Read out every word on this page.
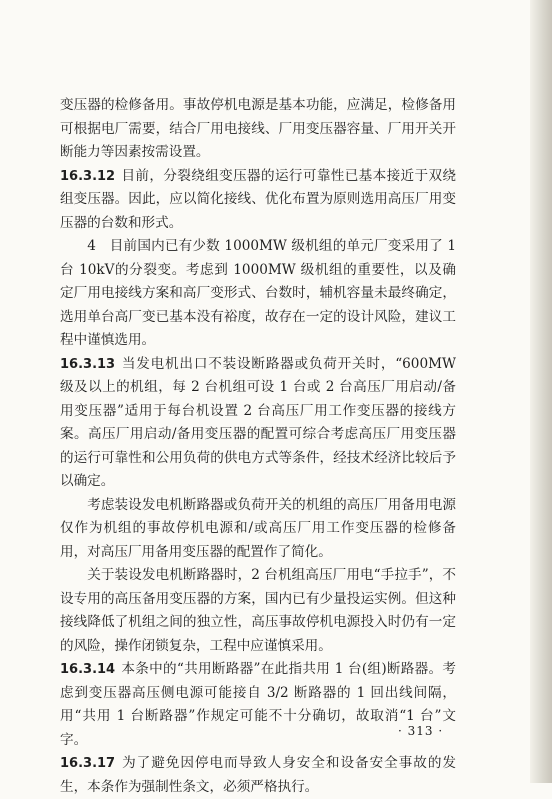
变压器的检修备用。事故停机电源是基本功能，应满足，检修备用可根据电厂需要，结合厂用电接线、厂用变压器容量、厂用开关开断能力等因素按需设置。

16.3.12 目前，分裂绕组变压器的运行可靠性已基本接近于双绕组变压器。因此，应以简化接线、优化布置为原则选用高压厂用变压器的台数和形式。

4　目前国内已有少数 1000MW 级机组的单元厂变采用了 1 台 10kV的分裂变。考虑到 1000MW 级机组的重要性，以及确定厂用电接线方案和高厂变形式、台数时，辅机容量未最终确定，选用单台高厂变已基本没有裕度，故存在一定的设计风险，建议工程中谨慎选用。

16.3.13 当发电机出口不装设断路器或负荷开关时，“600MW 级及以上的机组，每 2 台机组可设 1 台或 2 台高压厂用启动/备用变压器”适用于每台机设置 2 台高压厂用工作变压器的接线方案。高压厂用启动/备用变压器的配置可综合考虑高压厂用变压器的运行可靠性和公用负荷的供电方式等条件，经技术经济比较后予以确定。

考虑装设发电机断路器或负荷开关的机组的高压厂用备用电源仅作为机组的事故停机电源和/或高压厂用工作变压器的检修备用，对高压厂用备用变压器的配置作了简化。

关于装设发电机断路器时，2 台机组高压厂用电“手拉手”，不设专用的高压备用变压器的方案，国内已有少量投运实例。但这种接线降低了机组之间的独立性，高压事故停机电源投入时仍有一定的风险，操作闭锁复杂，工程中应谨慎采用。

16.3.14 本条中的“共用断路器”在此指共用 1 台(组)断路器。考虑到变压器高压侧电源可能接自 3/2 断路器的 1 回出线间隔，用“共用 1 台断路器”作规定可能不十分确切，故取消“1 台”文字。

16.3.17 为了避免因停电而导致人身安全和设备安全事故的发生，本条作为强制性条文，必须严格执行。

· 313 ·
